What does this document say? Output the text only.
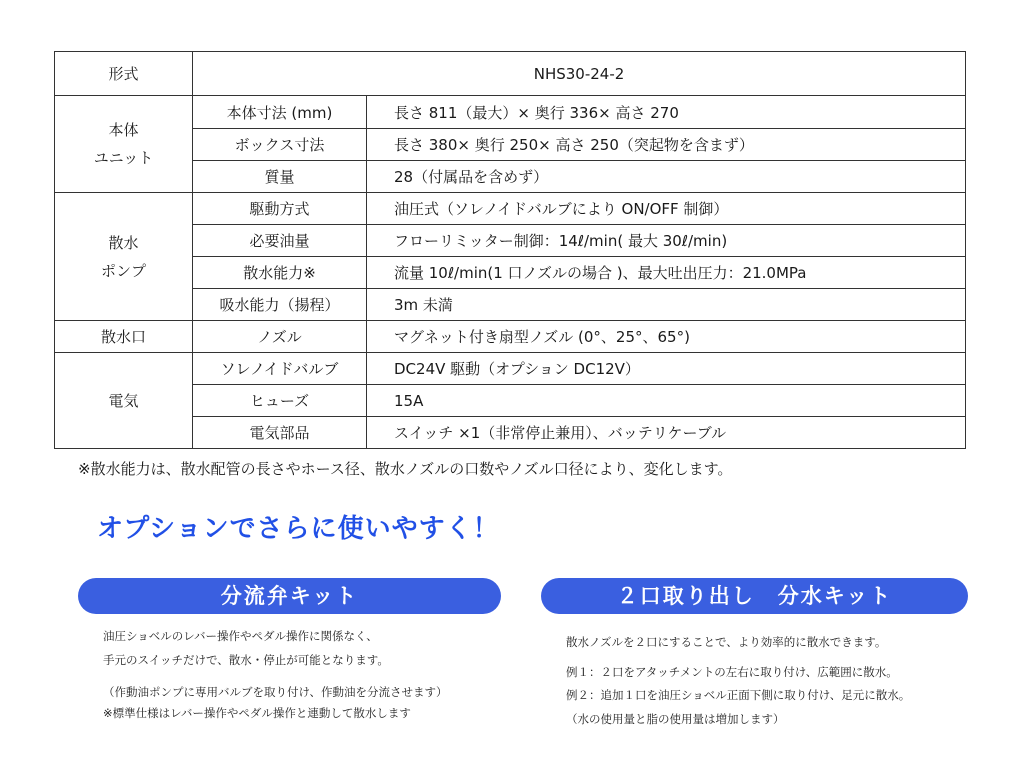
形式	NHS30-24-2	
本体
ユニット	本体寸法 (mm)	長さ 811（最大）× 奥行 336× 高さ 270
	ボックス寸法	長さ 380× 奥行 250× 高さ 250（突起物を含まず）
	質量	28（付属品を含めず）
散水
ポンプ	駆動方式	油圧式（ソレノイドバルブにより ON/OFF 制御）
	必要油量	フローリミッター制御：14ℓ/min( 最大 30ℓ/min)
	散水能力※	流量 10ℓ/min(1 口ノズルの場合 )、最大吐出圧力：21.0MPa
	吸水能力（揚程）	3m 未満
散水口	ノズル	マグネット付き扇型ノズル (0°、25°、65°)
電気	ソレノイドバルブ	DC24V 駆動（オプション DC12V）
	ヒューズ	15A
	電気部品	スイッチ ×1（非常停止兼用）、バッテリケーブル
※散水能力は、散水配管の長さやホース径、散水ノズルの口数やノズル口径により、変化します。
オプションでさらに使いやすく！
分流弁キット	２口取り出し　分水キット

油圧ショベルのレバー操作やペダル操作に関係なく、

手元のスイッチだけで、散水・停止が可能となります。

（作動油ポンプに専用バルブを取り付け、作動油を分流させます）

※標準仕様はレバー操作やペダル操作と連動して散水します

散水ノズルを２口にすることで、より効率的に散水できます。

例１：２口をアタッチメントの左右に取り付け、広範囲に散水。

例２：追加１口を油圧ショベル正面下側に取り付け、足元に散水。

（水の使用量と脂の使用量は増加します）
